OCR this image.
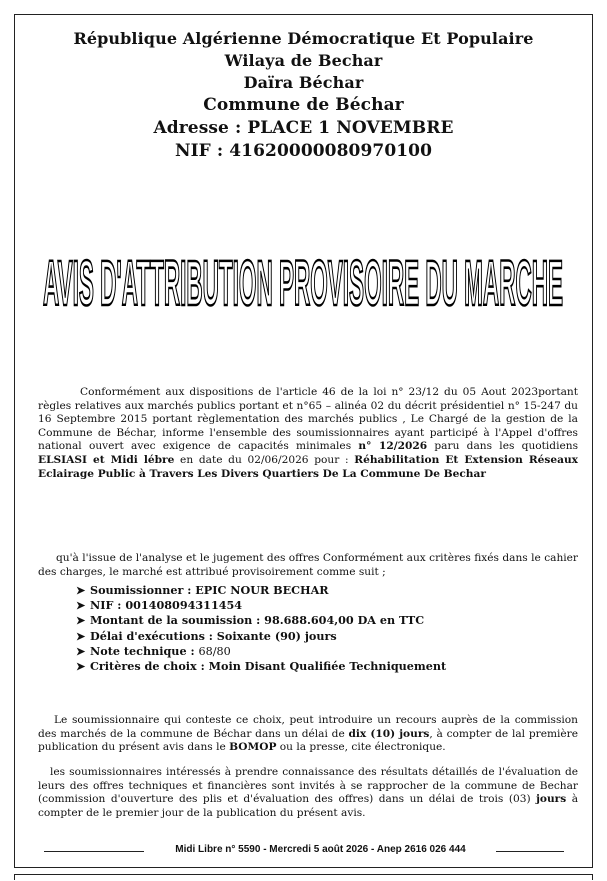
République Algérienne Démocratique Et Populaire
Wilaya de Bechar
Daïra Béchar
Commune de Béchar
Adresse : PLACE 1 NOVEMBRE
NIF : 41620000080970100
AVIS D'ATTRIBUTION PROVISOIRE DU MARCHE
Conformément aux dispositions de l'article 46 de la loi n° 23/12 du 05 Aout 2023portant règles relatives aux marchés publics portant et n°65 – alinéa 02 du décrit présidentiel n° 15-247 du 16 Septembre 2015 portant règlementation des marchés publics , Le Chargé de la gestion de la Commune de Béchar, informe l'ensemble des soumissionnaires ayant participé à l'Appel d'offres national ouvert avec exigence de capacités minimales n° 12/2026 paru dans les quotidiens ELSIASI et Midi lébre en date du 02/06/2026 pour : Réhabilitation Et Extension Réseaux Eclairage Public à Travers Les Divers Quartiers De La Commune De Bechar
qu'à l'issue de l'analyse et le jugement des offres Conformément aux critères fixés dans le cahier des charges, le marché est attribué provisoirement comme suit ;
➤ Soumissionner : EPIC NOUR BECHAR
➤ NIF : 001408094311454
➤ Montant de la soumission : 98.688.604,00 DA en TTC
➤ Délai d'exécutions : Soixante (90) jours
➤ Note technique : 68/80
➤ Critères de choix : Moin Disant Qualifiée Techniquement
Le soumissionnaire qui conteste ce choix, peut introduire un recours auprès de la commission des marchés de la commune de Béchar dans un délai de dix (10) jours, à compter de lal première publication du présent avis dans le BOMOP ou la presse, cite électronique.
les soumissionnaires intéressés à prendre connaissance des résultats détaillés de l'évaluation de leurs des offres techniques et financières sont invités à se rapprocher de la commune de Bechar (commission d'ouverture des plis et d'évaluation des offres) dans un délai de trois (03) jours à compter de le premier jour de la publication du présent avis.
Midi Libre n° 5590 - Mercredi 5 août 2026 - Anep 2616 026 444
